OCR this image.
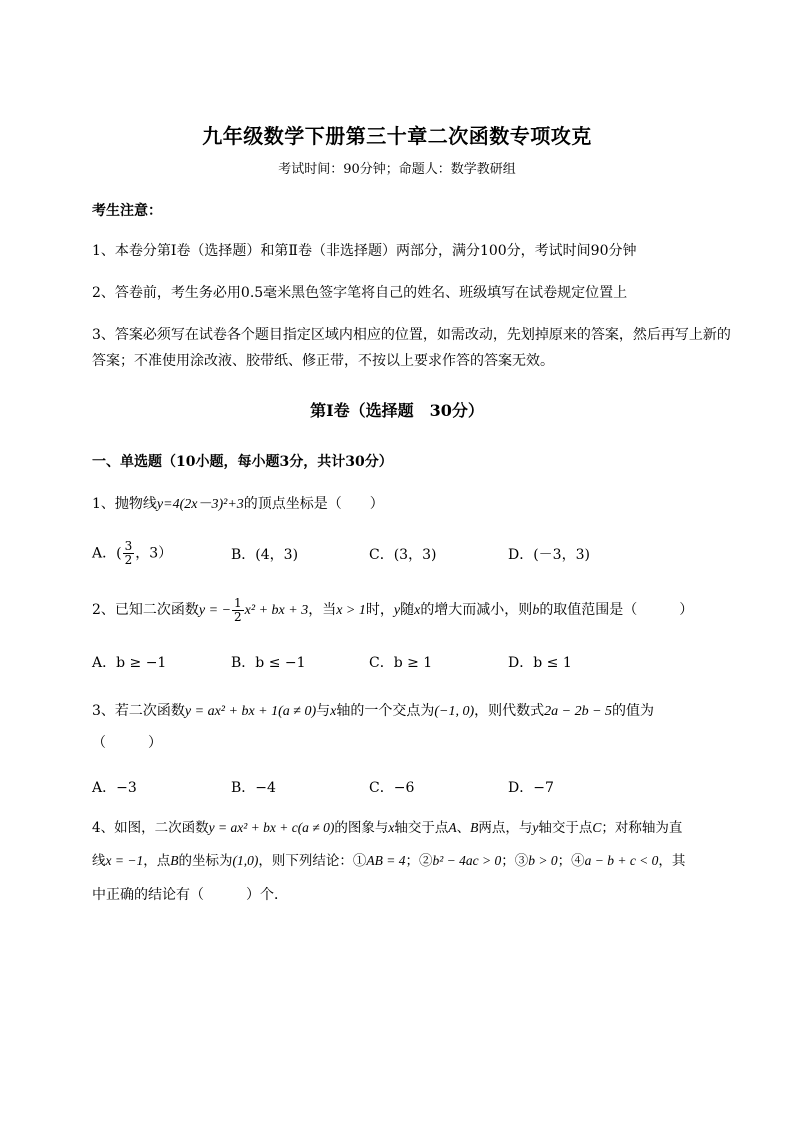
九年级数学下册第三十章二次函数专项攻克
考试时间：90分钟；命题人：数学教研组
考生注意：
1、本卷分第Ⅰ卷（选择题）和第Ⅱ卷（非选择题）两部分，满分100分，考试时间90分钟
2、答卷前，考生务必用0.5毫米黑色签字笔将自己的姓名、班级填写在试卷规定位置上
3、答案必须写在试卷各个题目指定区域内相应的位置，如需改动，先划掉原来的答案，然后再写上新的答案；不准使用涂改液、胶带纸、修正带，不按以上要求作答的答案无效。
第Ⅰ卷（选择题　30分）
一、单选题（10小题，每小题3分，共计30分）
1、抛物线y=4(2x－3)²+3的顶点坐标是（　　）
A．( $\frac{3}{2}$ ，3）	B．(4，3)	C．(3，3)	D．(－3，3)
2、已知二次函数y = − $\frac{1}{2} x^2$ + bx + 3，当x > 1时，y随x的增大而减小，则b的取值范围是（　　　）
A．b ≥ −1	B．b ≤ −1	C．b ≥ 1	D．b ≤ 1
3、若二次函数y = ax² + bx + 1(a ≠ 0)与x轴的一个交点为(−1, 0)，则代数式2a − 2b − 5的值为
（　　　）
A．−3	B．−4	C．−6	D．−7
4、如图，二次函数y = ax² + bx + c(a ≠ 0)的图象与x轴交于点A、B两点，与y轴交于点C；对称轴为直
线x = −1，点B的坐标为(1,0)，则下列结论：①AB = 4；②b² − 4ac > 0；③b > 0；④a − b + c < 0，其
中正确的结论有（　　　）个．
